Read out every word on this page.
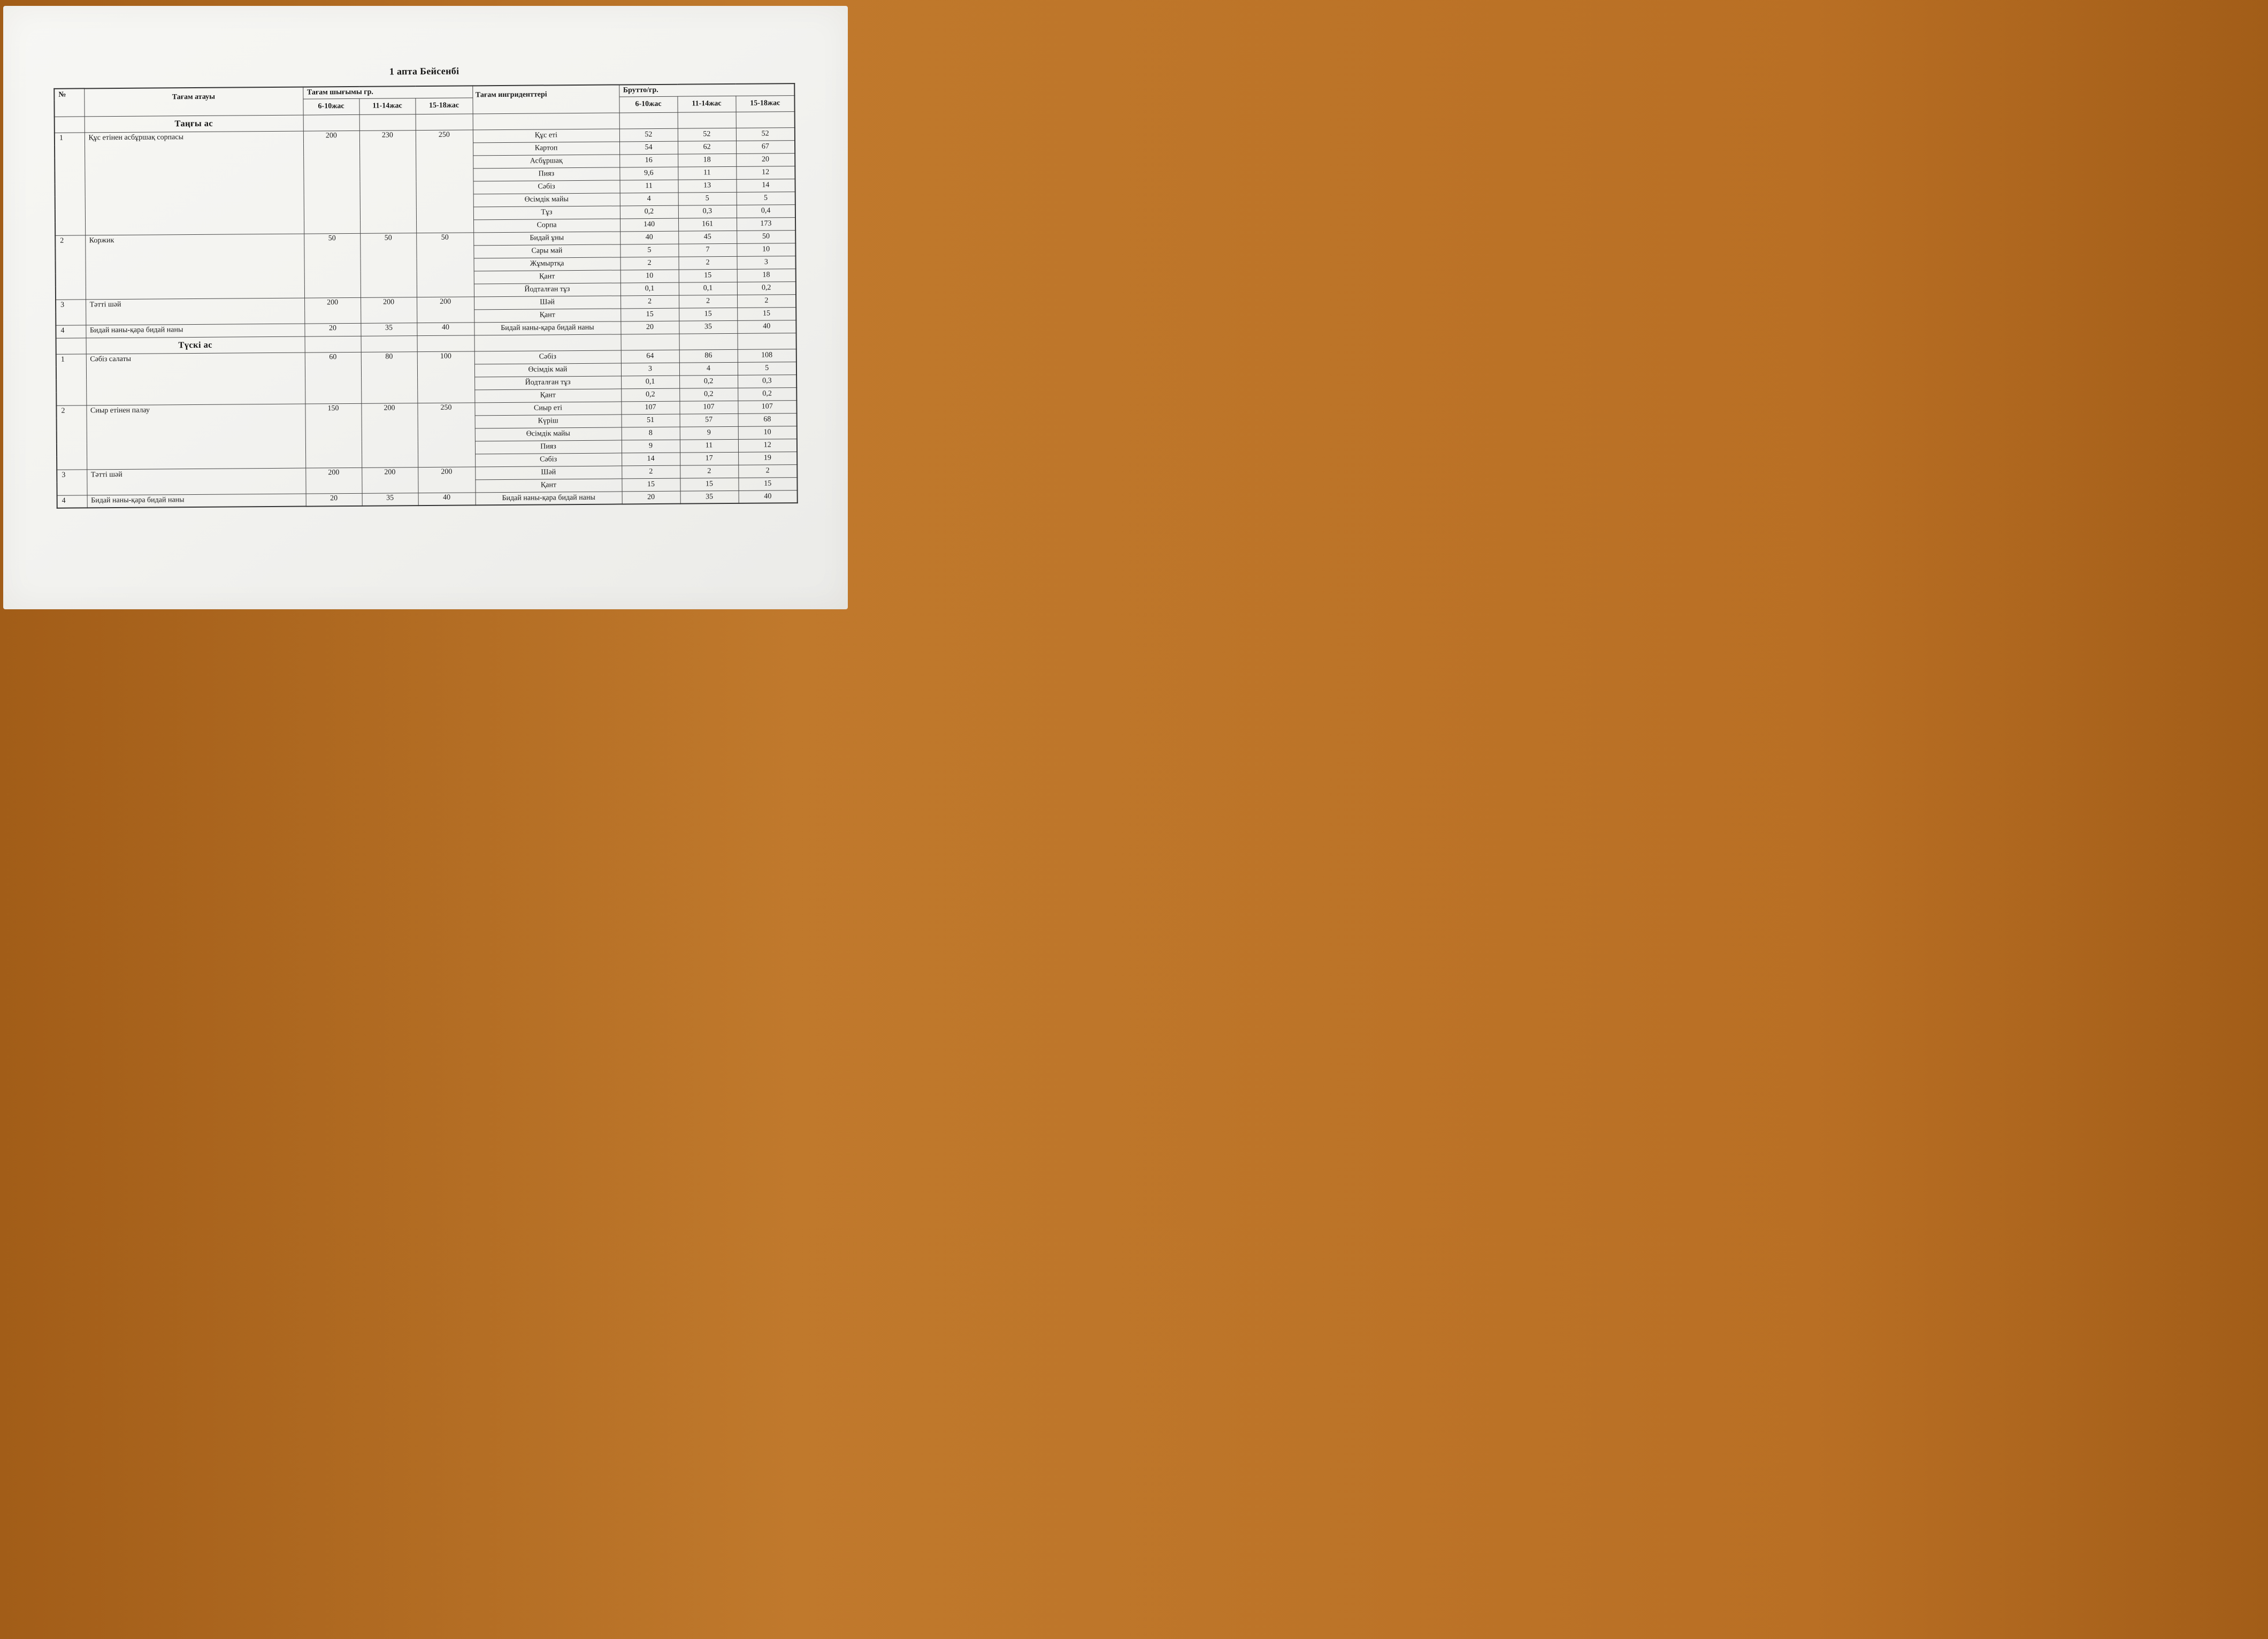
1 апта Бейсенбі
№	Тағам атауы	Тағам шығымы гр.			Тағам ингриденттері	Брутто/гр.		
		6-10жас	11-14жас	15-18жас		6-10жас	11-14жас	15-18жас
	Таңғы ас							
1	Құс етінен асбұршақ сорпасы	200	230	250	Құс еті	52	52	52
					Картоп	54	62	67
					Асбұршақ	16	18	20
					Пияз	9,6	11	12
					Сәбіз	11	13	14
					Өсімдік майы	4	5	5
					Тұз	0,2	0,3	0,4
					Сорпа	140	161	173
2	Коржик	50	50	50	Бидай ұны	40	45	50
					Сары май	5	7	10
					Жұмыртқа	2	2	3
					Қант	10	15	18
					Йодталған тұз	0,1	0,1	0,2
3	Тәтті шәй	200	200	200	Шәй	2	2	2
					Қант	15	15	15
4	Бидай наны-қара бидай наны	20	35	40	Бидай наны-қара бидай наны	20	35	40
	Түскі ас							
1	Сәбіз салаты	60	80	100	Сәбіз	64	86	108
					Өсімдік май	3	4	5
					Йодталған тұз	0,1	0,2	0,3
					Қант	0,2	0,2	0,2
2	Сиыр етінен палау	150	200	250	Сиыр еті	107	107	107
					Күріш	51	57	68
					Өсімдік майы	8	9	10
					Пияз	9	11	12
					Сәбіз	14	17	19
3	Тәтті шәй	200	200	200	Шәй	2	2	2
					Қант	15	15	15
4	Бидай наны-қара бидай наны	20	35	40	Бидай наны-қара бидай наны	20	35	40
